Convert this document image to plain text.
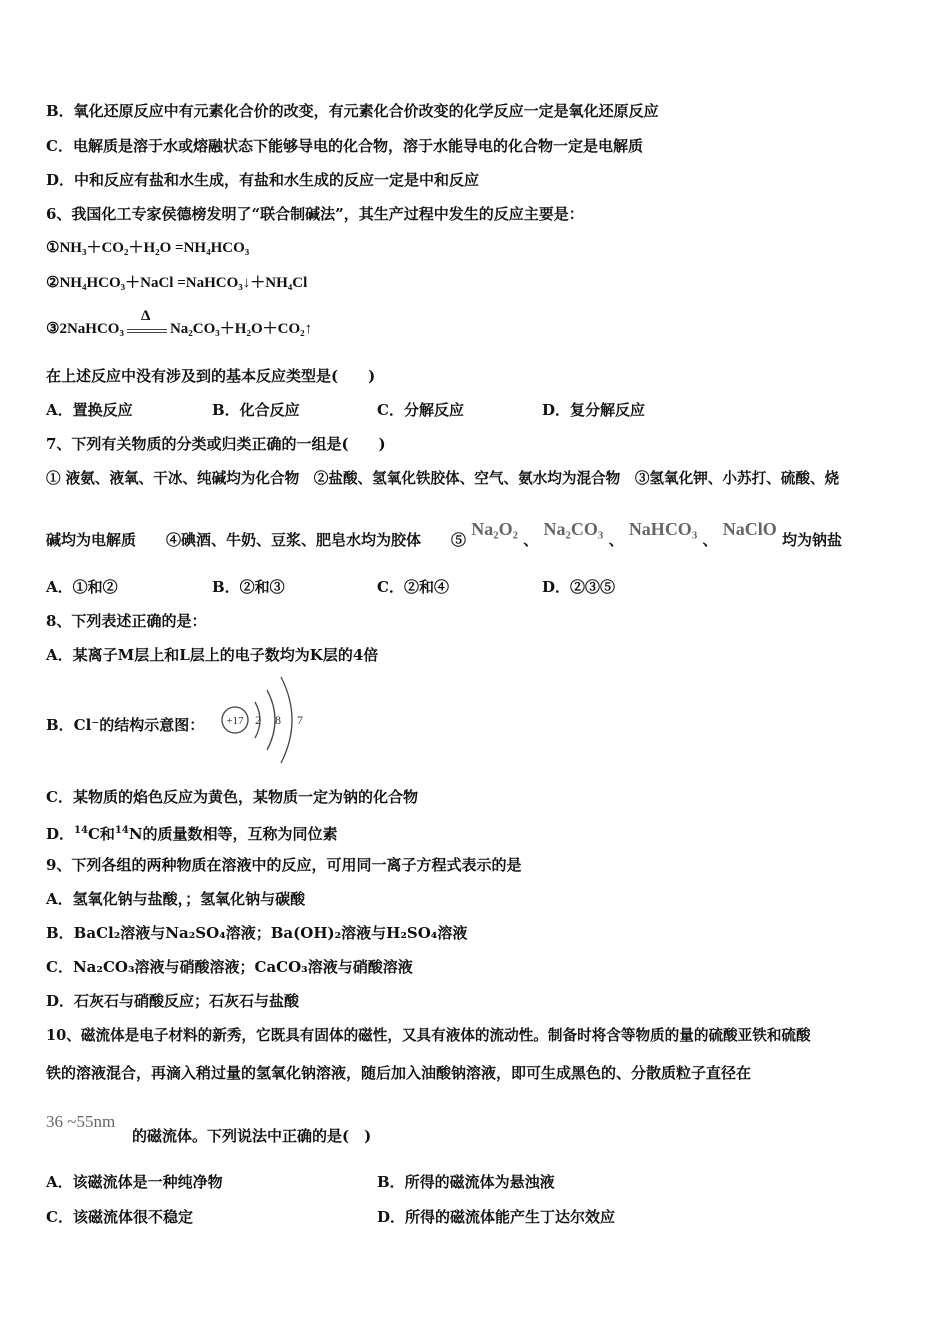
B．氧化还原反应中有元素化合价的改变，有元素化合价改变的化学反应一定是氧化还原反应
C．电解质是溶于水或熔融状态下能够导电的化合物，溶于水能导电的化合物一定是电解质
D．中和反应有盐和水生成，有盐和水生成的反应一定是中和反应
6、我国化工专家侯德榜发明了“联合制碱法”，其生产过程中发生的反应主要是：
①NH₃＋CO₂＋H₂O =NH₄HCO₃
②NH₄HCO₃＋NaCl =NaHCO₃↓＋NH₄Cl
③2NaHCO₃
Δ
Na₂CO₃＋H₂O＋CO₂↑
在上述反应中没有涉及到的基本反应类型是(　　)
A．置换反应	B．化合反应	C．分解反应	D．复分解反应
7、下列有关物质的分类或归类正确的一组是(　　)
① 液氨、液氧、干冰、纯碱均为化合物　②盐酸、氢氧化铁胶体、空气、氨水均为混合物　③氢氧化钾、小苏打、硫酸、烧
碱均为电解质　　④碘酒、牛奶、豆浆、肥皂水均为胶体　　⑤ Na₂O₂ 、 Na₂CO₃ 、 NaHCO₃ 、 NaClO 均为钠盐
A．①和②	B．②和③	C．②和④	D．②③⑤
8、下列表述正确的是：
A．某离子M层上和L层上的电子数均为K层的4倍
B．Cl⁻的结构示意图： +17 2 8 7
C．某物质的焰色反应为黄色，某物质一定为钠的化合物
D．$^{14}$C和$^{14}$N的质量数相等，互称为同位素
9、下列各组的两种物质在溶液中的反应，可用同一离子方程式表示的是
A．氢氧化钠与盐酸，；氢氧化钠与碳酸
B．BaCl₂溶液与Na₂SO₄溶液；Ba(OH)₂溶液与H₂SO₄溶液
C．Na₂CO₃溶液与硝酸溶液；CaCO₃溶液与硝酸溶液
D．石灰石与硝酸反应；石灰石与盐酸
10、磁流体是电子材料的新秀，它既具有固体的磁性，又具有液体的流动性。制备时将含等物质的量的硫酸亚铁和硫酸
铁的溶液混合，再滴入稍过量的氢氧化钠溶液，随后加入油酸钠溶液，即可生成黑色的、分散质粒子直径在
36 ~55nm
的磁流体。下列说法中正确的是(　)
A．该磁流体是一种纯净物	B．所得的磁流体为悬浊液
C．该磁流体很不稳定	D．所得的磁流体能产生丁达尔效应
